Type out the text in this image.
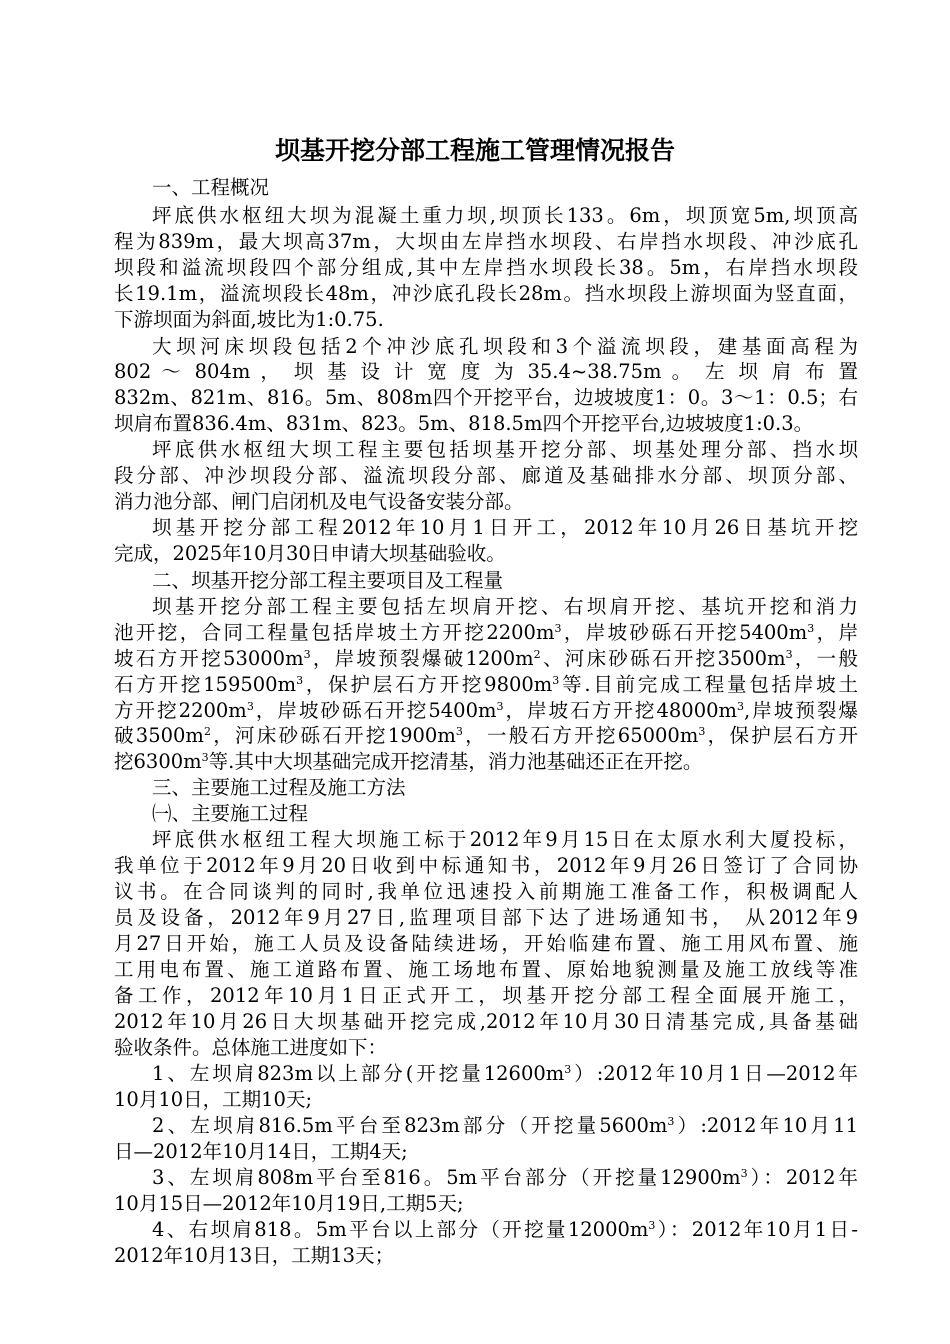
坝基开挖分部工程施工管理情况报告
一、工程概况
坪底供水枢纽大坝为混凝土重力坝,坝顶长133。6m，坝顶宽5m,坝顶高
程为839m，最大坝高37m，大坝由左岸挡水坝段、右岸挡水坝段、冲沙底孔
坝段和溢流坝段四个部分组成,其中左岸挡水坝段长38。5m，右岸挡水坝段
长19.1m，溢流坝段长48m，冲沙底孔段长28m。挡水坝段上游坝面为竖直面，
下游坝面为斜面,坡比为1:0.75.
大坝河床坝段包括2个冲沙底孔坝段和3个溢流坝段，建基面高程为
802 ～ 804m ， 坝 基 设 计 宽 度 为 35.4~38.75m 。 左 坝 肩 布 置
832m、821m、816。5m、808m四个开挖平台，边坡坡度1：0。3～1：0.5；右
坝肩布置836.4m、831m、823。5m、818.5m四个开挖平台,边坡坡度1:0.3。
坪底供水枢纽大坝工程主要包括坝基开挖分部、坝基处理分部、挡水坝
段分部、冲沙坝段分部、溢流坝段分部、廊道及基础排水分部、坝顶分部、
消力池分部、闸门启闭机及电气设备安装分部。
坝基开挖分部工程2012年10月1日开工，2012年10月26日基坑开挖
完成，2025年10月30日申请大坝基础验收。
二、坝基开挖分部工程主要项目及工程量
坝基开挖分部工程主要包括左坝肩开挖、右坝肩开挖、基坑开挖和消力
池开挖，合同工程量包括岸坡土方开挖$2200m^3$，岸坡砂砾石开挖$5400m^3$，岸
坡石方开挖$53000m^3$，岸坡预裂爆破$1200m^2$、河床砂砾石开挖$3500m^3$，一般
石方开挖$159500m^3$，保护层石方开挖$9800m^3$等.目前完成工程量包括岸坡土
方开挖$2200m^3$，岸坡砂砾石开挖$5400m^3$，岸坡石方开挖$48000m^3$,岸坡预裂爆
破$3500m^2$，河床砂砾石开挖$1900m^3$，一般石方开挖$65000m^3$，保护层石方开
挖$6300m^3$等.其中大坝基础完成开挖清基，消力池基础还正在开挖。
三、主要施工过程及施工方法
㈠、主要施工过程
坪底供水枢纽工程大坝施工标于2012年9月15日在太原水利大厦投标，
我单位于2012年9月20日收到中标通知书，2012年9月26日签订了合同协
议书。在合同谈判的同时,我单位迅速投入前期施工准备工作，积极调配人
员及设备，2012年9月27日,监理项目部下达了进场通知书， 从2012年9
月27日开始，施工人员及设备陆续进场，开始临建布置、施工用风布置、施
工用电布置、施工道路布置、施工场地布置、原始地貌测量及施工放线等准
备工作，2012年10月1日正式开工，坝基开挖分部工程全面展开施工，
2012年10月26日大坝基础开挖完成,2012年10月30日清基完成,具备基础
验收条件。总体施工进度如下：
1、左坝肩823m以上部分(开挖量$12600m^3):2012$年10月1日—2012年
10月10日，工期10天;
2、左坝肩816.5m平台至823m部分（开挖量$5600m^3):2012$年10月11
日—2012年10月14日，工期4天;
3、左坝肩808m平台至816。5m平台部分（开挖量$12900m^3$）：2012年
10月15日—2012年10月19日,工期5天;
4、右坝肩818。5m平台以上部分（开挖量$12000m^3$）：2012年10月1日-
2012年10月13日，工期13天；
